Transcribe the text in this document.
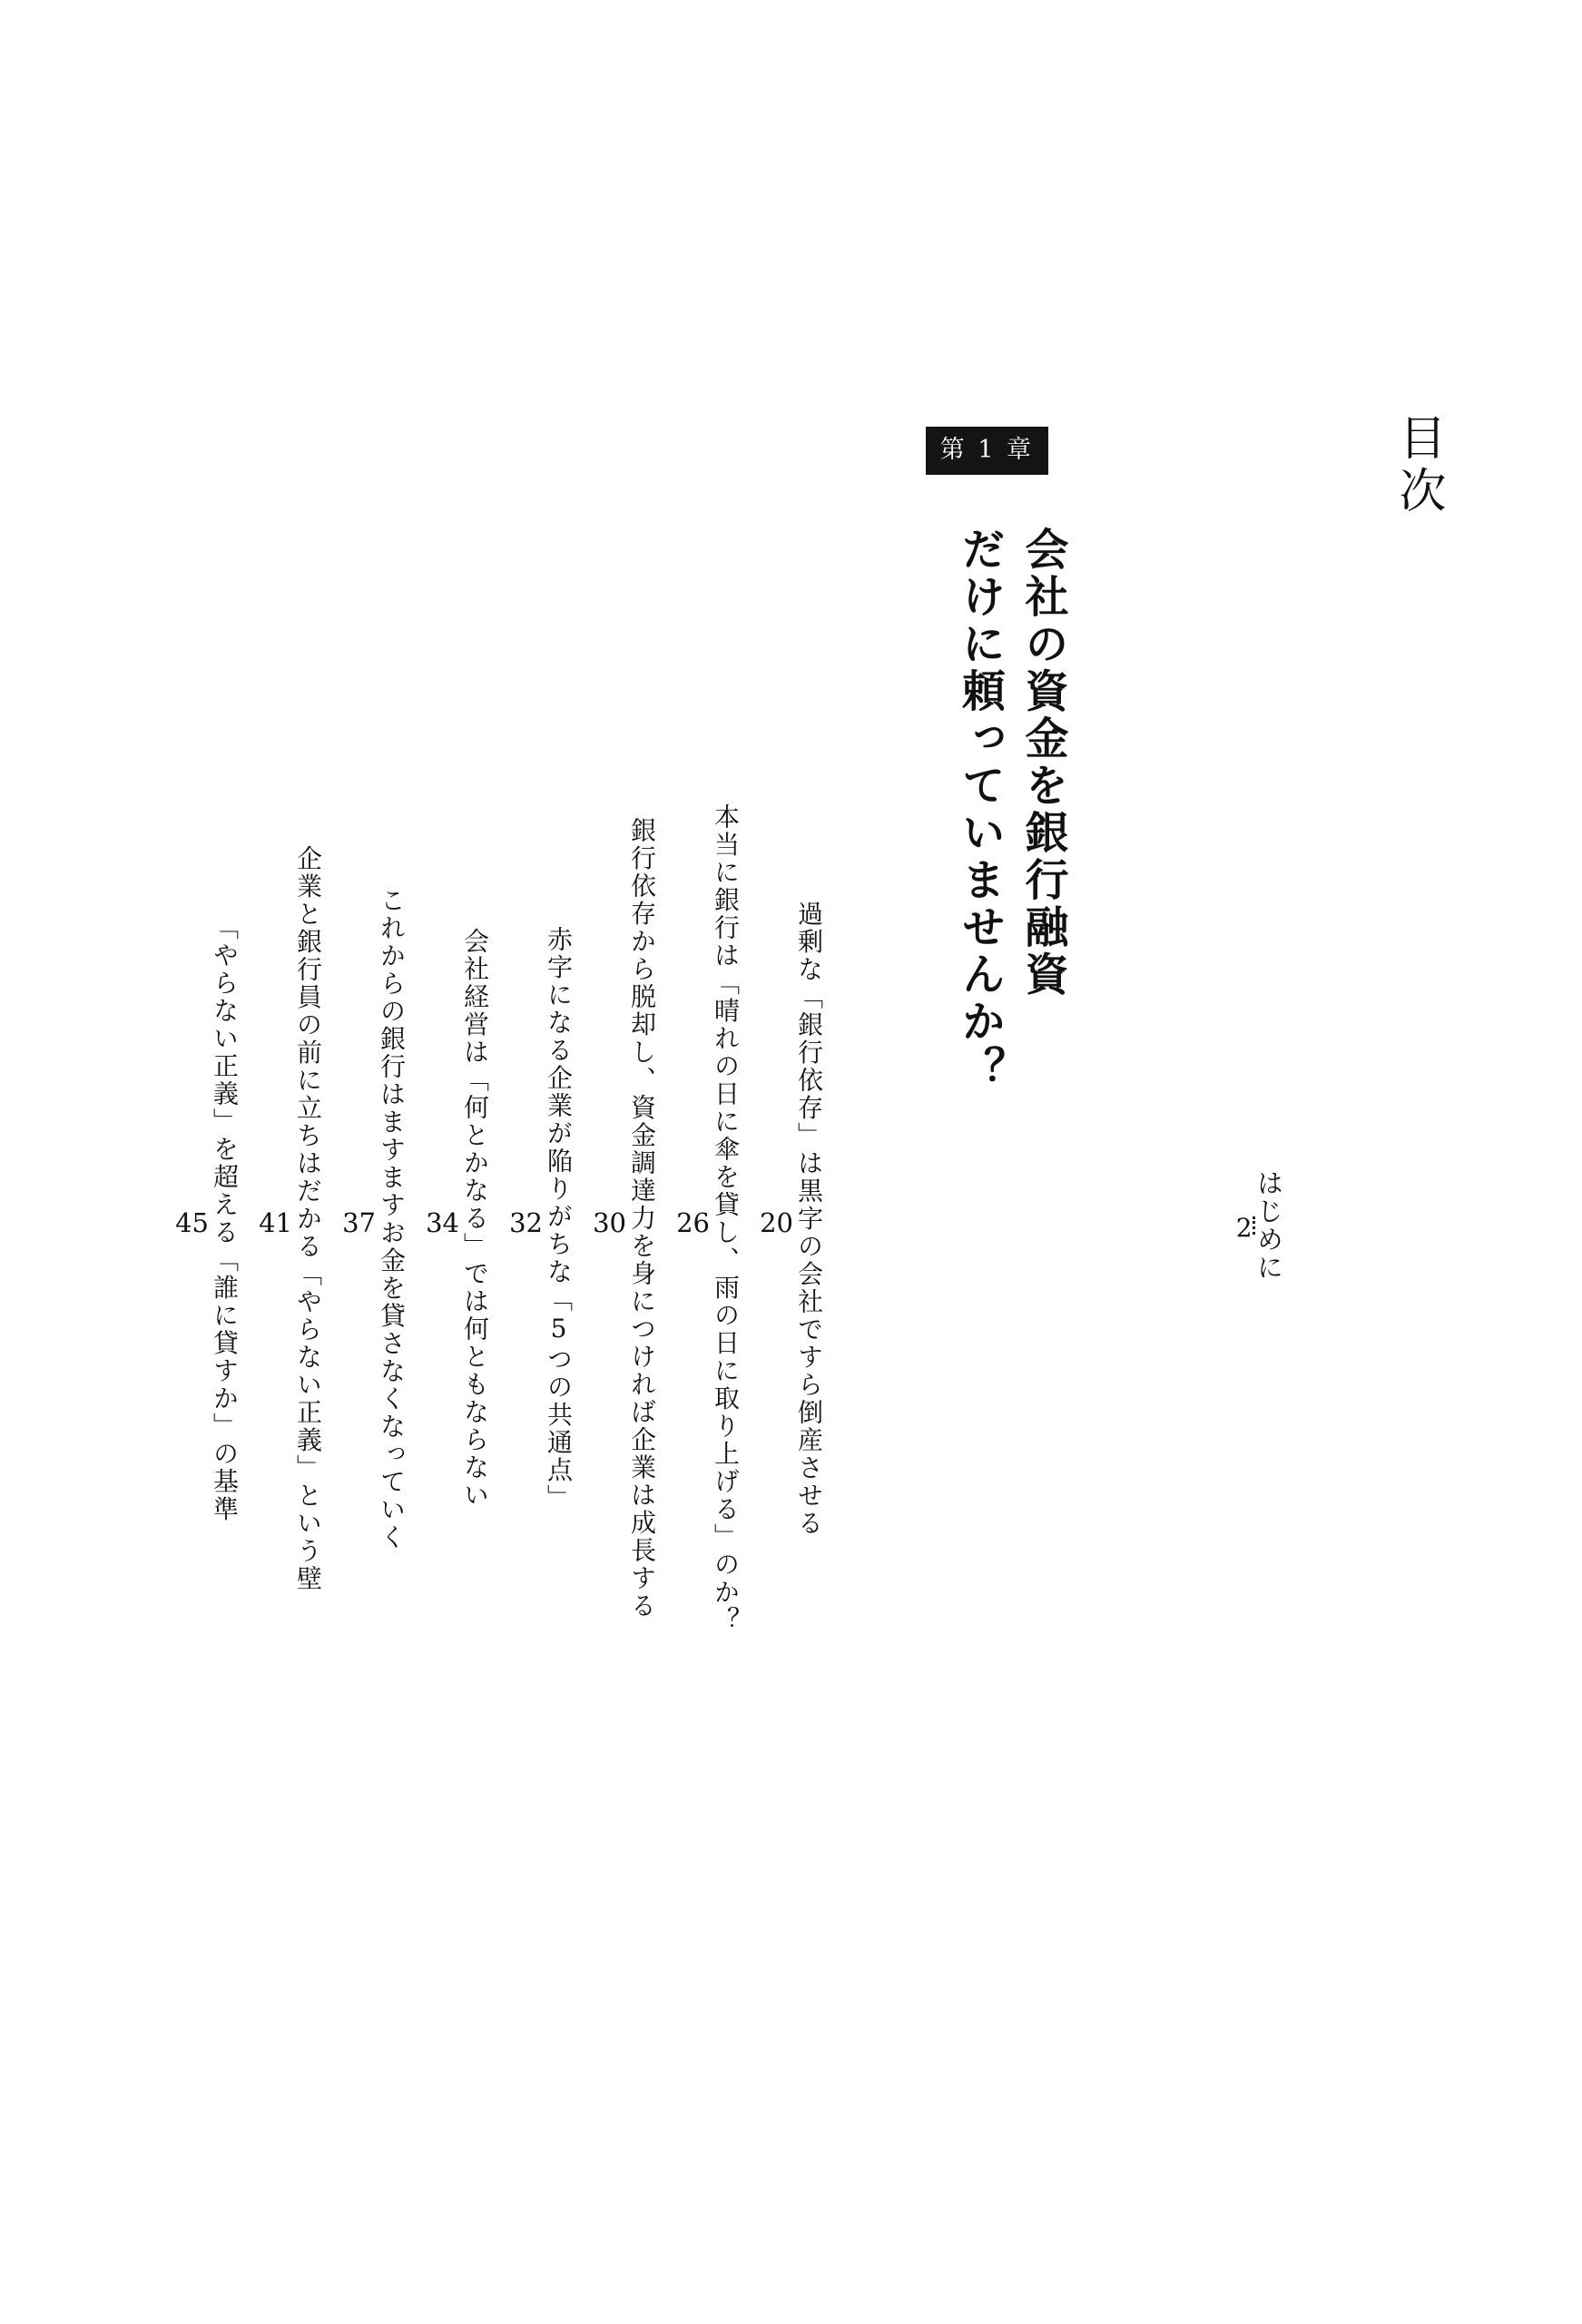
目次
はじめに
2
第 1 章
会社の資金を銀行融資 だけに頼っていませんか？
過剰な「銀行依存」は黒字の会社ですら倒産させる
20
本当に銀行は「晴れの日に傘を貸し、雨の日に取り上げる」のか？
26
銀行依存から脱却し、資金調達力を身につければ企業は成長する
30
赤字になる企業が陥りがちな「5つの共通点」
32
会社経営は「何とかなる」では何ともならない
34
これからの銀行はますますお金を貸さなくなっていく
37
企業と銀行員の前に立ちはだかる「やらない正義」という壁
41
「やらない正義」を超える「誰に貸すか」の基準
45
